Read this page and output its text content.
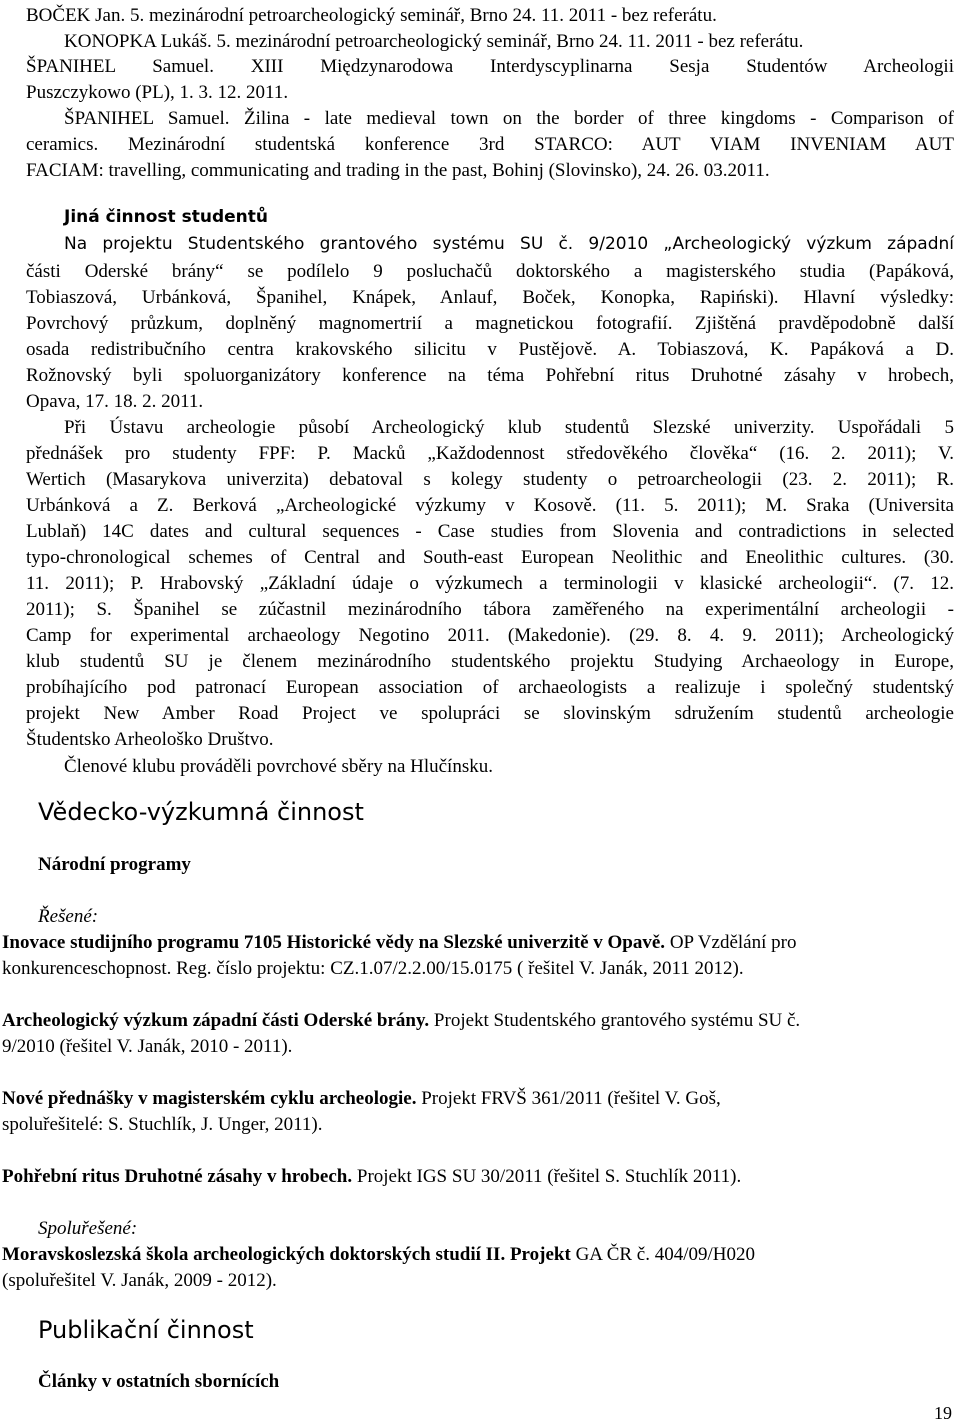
BOČEK Jan. 5. mezinárodní petroarcheologický seminář, Brno 24. 11. 2011 - bez referátu.
KONOPKA Lukáš. 5. mezinárodní petroarcheologický seminář, Brno 24. 11. 2011 - bez referátu.
ŠPANIHEL Samuel. XIII Międzynarodowa Interdyscyplinarna Sesja Studentów Archeologii
Puszczykowo (PL), 1. 3. 12. 2011.
ŠPANIHEL Samuel. Žilina - late medieval town on the border of three kingdoms - Comparison of
ceramics. Mezinárodní studentská konference 3rd STARCO: AUT VIAM INVENIAM AUT
FACIAM: travelling, communicating and trading in the past, Bohinj (Slovinsko), 24. 26. 03.2011.
Jiná činnost studentů
Na projektu Studentského grantového systému SU č. 9/2010 „Archeologický výzkum západní
části Oderské brány“ se podílelo 9 posluchačů doktorského a magisterského studia (Papáková,
Tobiaszová, Urbánková, Španihel, Knápek, Anlauf, Boček, Konopka, Rapiński). Hlavní výsledky:
Povrchový průzkum, doplněný magnomertrií a magnetickou fotografií. Zjištěná pravděpodobně další
osada redistribučního centra krakovského silicitu v Pustějově. A. Tobiaszová, K. Papáková a D.
Rožnovský byli spoluorganizátory konference na téma Pohřební ritus Druhotné zásahy v hrobech,
Opava, 17. 18. 2. 2011.
Při Ústavu archeologie působí Archeologický klub studentů Slezské univerzity. Uspořádali 5
přednášek pro studenty FPF: P. Macků „Každodennost středověkého člověka“ (16. 2. 2011); V.
Wertich (Masarykova univerzita) debatoval s kolegy studenty o petroarcheologii (23. 2. 2011); R.
Urbánková a Z. Berková „Archeologické výzkumy v Kosově. (11. 5. 2011); M. Sraka (Universita
Lublaň) 14C dates and cultural sequences - Case studies from Slovenia and contradictions in selected
typo-chronological schemes of Central and South-east European Neolithic and Eneolithic cultures. (30.
11. 2011); P. Hrabovský „Základní údaje o výzkumech a terminologii v klasické archeologii“. (7. 12.
2011); S. Španihel se zúčastnil mezinárodního tábora zaměřeného na experimentální archeologii -
Camp for experimental archaeology Negotino 2011. (Makedonie). (29. 8. 4. 9. 2011); Archeologický
klub studentů SU je členem mezinárodního studentského projektu Studying Archaeology in Europe,
probíhajícího pod patronací European association of archaeologists a realizuje i společný studentský
projekt New Amber Road Project ve spolupráci se slovinským sdružením studentů archeologie
Študentsko Arheološko Društvo.
Členové klubu prováděli povrchové sběry na Hlučínsku.
Vědecko-výzkumná činnost
Národní programy
Řešené:
Inovace studijního programu 7105 Historické vědy na Slezské univerzitě v Opavě. OP Vzdělání pro
konkurenceschopnost. Reg. číslo projektu: CZ.1.07/2.2.00/15.0175 ( řešitel V. Janák, 2011 2012).
Archeologický výzkum západní části Oderské brány. Projekt Studentského grantového systému SU č.
9/2010 (řešitel V. Janák, 2010 - 2011).
Nové přednášky v magisterském cyklu archeologie. Projekt FRVŠ 361/2011 (řešitel V. Goš,
spoluřešitelé: S. Stuchlík, J. Unger, 2011).
Pohřební ritus Druhotné zásahy v hrobech. Projekt IGS SU 30/2011 (řešitel S. Stuchlík 2011).
Spoluřešené:
Moravskoslezská škola archeologických doktorských studií II. Projekt GA ČR č. 404/09/H020
(spoluřešitel V. Janák, 2009 - 2012).
Publikační činnost
Články v ostatních sbornících
19
